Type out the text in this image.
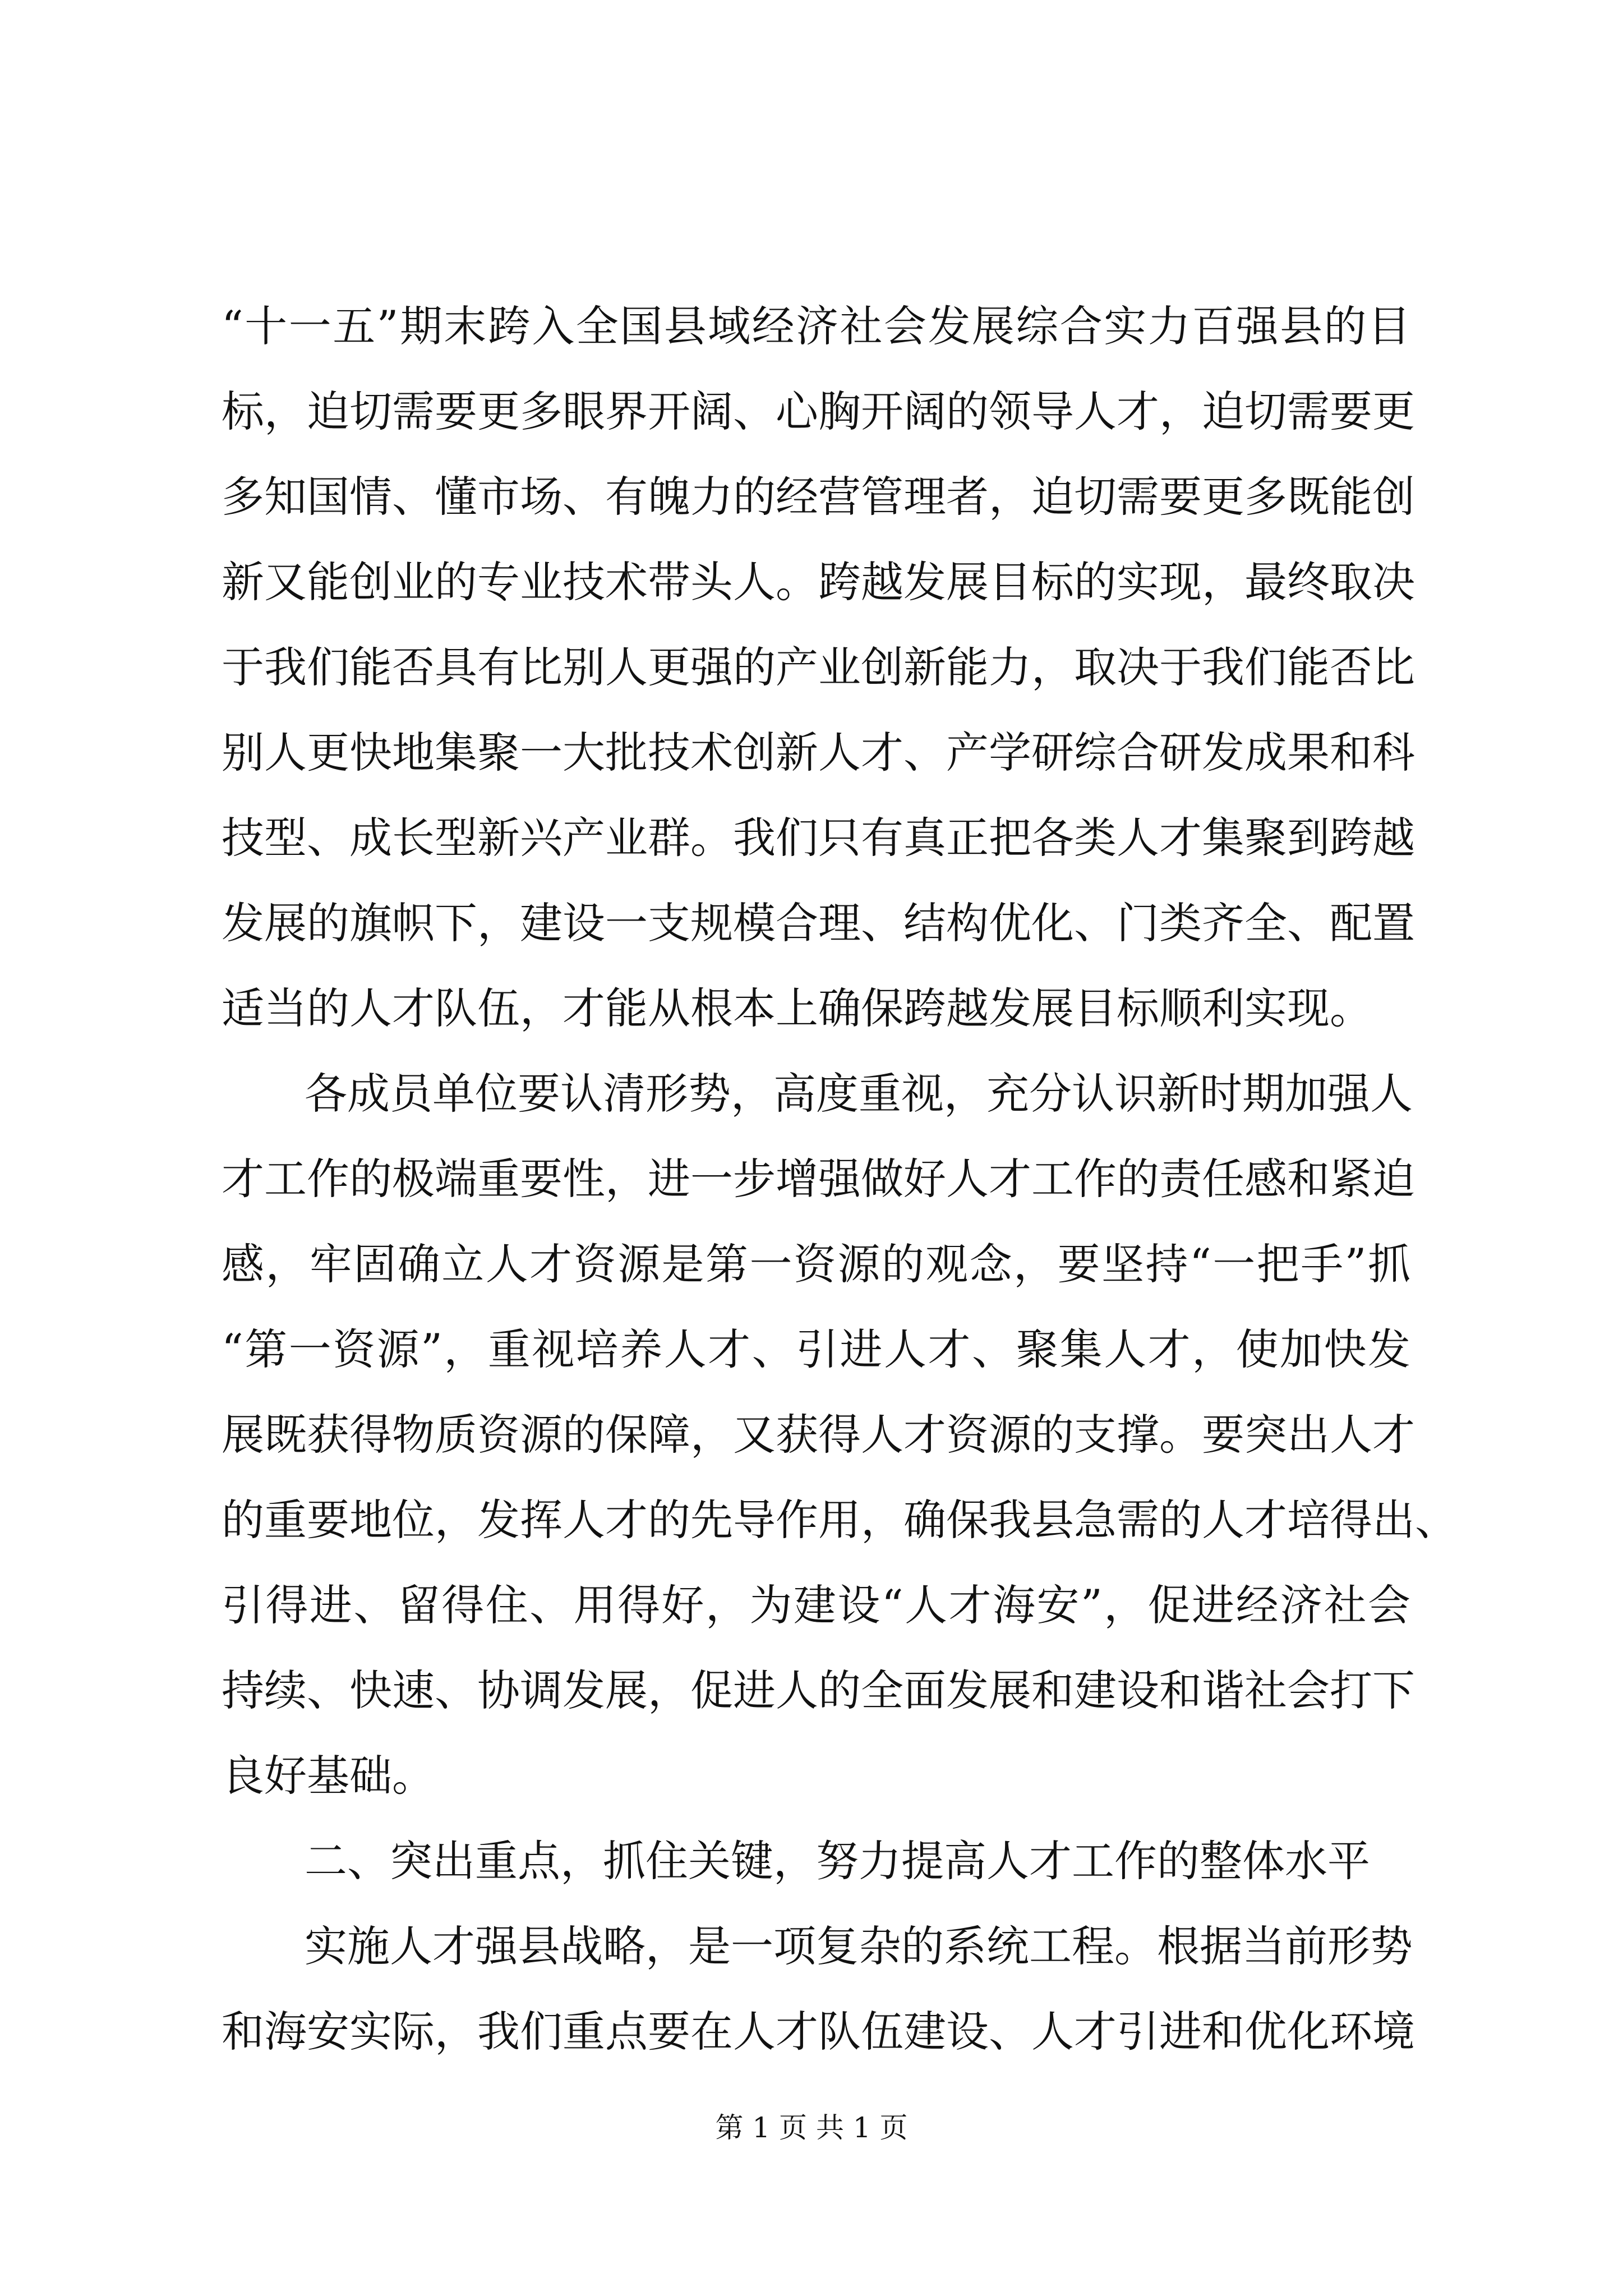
“十一五”期末跨入全国县域经济社会发展综合实力百强县的目
标，迫切需要更多眼界开阔、心胸开阔的领导人才，迫切需要更
多知国情、懂市场、有魄力的经营管理者，迫切需要更多既能创
新又能创业的专业技术带头人。跨越发展目标的实现，最终取决
于我们能否具有比别人更强的产业创新能力，取决于我们能否比
别人更快地集聚一大批技术创新人才、产学研综合研发成果和科
技型、成长型新兴产业群。我们只有真正把各类人才集聚到跨越
发展的旗帜下，建设一支规模合理、结构优化、门类齐全、配置
适当的人才队伍，才能从根本上确保跨越发展目标顺利实现。
各成员单位要认清形势，高度重视，充分认识新时期加强人
才工作的极端重要性，进一步增强做好人才工作的责任感和紧迫
感，牢固确立人才资源是第一资源的观念，要坚持“一把手”抓
“第一资源”，重视培养人才、引进人才、聚集人才，使加快发
展既获得物质资源的保障，又获得人才资源的支撑。要突出人才
的重要地位，发挥人才的先导作用，确保我县急需的人才培得出、
引得进、留得住、用得好，为建设“人才海安”，促进经济社会
持续、快速、协调发展，促进人的全面发展和建设和谐社会打下
良好基础。
二、突出重点，抓住关键，努力提高人才工作的整体水平
实施人才强县战略，是一项复杂的系统工程。根据当前形势
和海安实际，我们重点要在人才队伍建设、人才引进和优化环境
第 1 页 共 1 页
